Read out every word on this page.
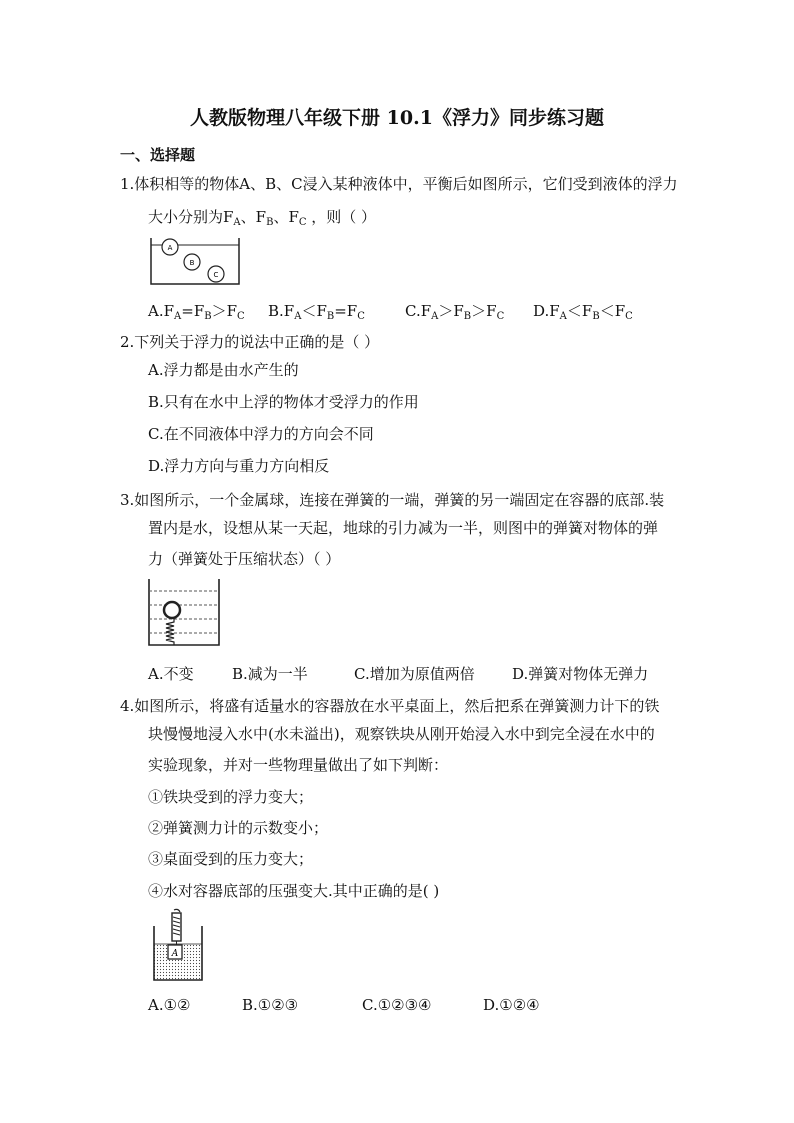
人教版物理八年级下册 10.1《浮力》同步练习题
一、选择题
1.体积相等的物体A、B、C浸入某种液体中，平衡后如图所示，它们受到液体的浮力
大小分别为$F_A$、$F_B$、$F_C$ ，则（ ）
A
B
C
$A.F_A=F_B>F_C$	$B.F_A<F_B=F_C$	$C.F_A>F_B>F_C$	$D.F_A<F_B<F_C$
2.下列关于浮力的说法中正确的是（ ）
A.浮力都是由水产生的
B.只有在水中上浮的物体才受浮力的作用
C.在不同液体中浮力的方向会不同
D.浮力方向与重力方向相反
3.如图所示，一个金属球，连接在弹簧的一端，弹簧的另一端固定在容器的底部.装
置内是水，设想从某一天起，地球的引力减为一半，则图中的弹簧对物体的弹
力（弹簧处于压缩状态）（ ）
A.不变	B.减为一半	C.增加为原值两倍	D.弹簧对物体无弹力
4.如图所示，将盛有适量水的容器放在水平桌面上，然后把系在弹簧测力计下的铁
块慢慢地浸入水中(水未溢出)，观察铁块从刚开始浸入水中到完全浸在水中的
实验现象，并对一些物理量做出了如下判断：
①铁块受到的浮力变大；
②弹簧测力计的示数变小；
③桌面受到的压力变大；
④水对容器底部的压强变大.其中正确的是( )
A
A.①②	B.①②③	C.①②③④	D.①②④
